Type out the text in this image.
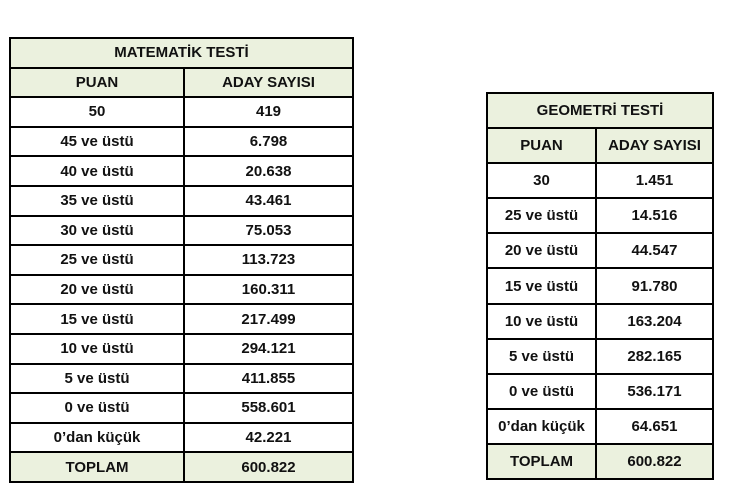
MATEMATİK TESTİ	
PUAN	ADAY SAYISI
50	419
45 ve üstü	6.798
40 ve üstü	20.638
35 ve üstü	43.461
30 ve üstü	75.053
25 ve üstü	113.723
20 ve üstü	160.311
15 ve üstü	217.499
10 ve üstü	294.121
5 ve üstü	411.855
0 ve üstü	558.601
0’dan küçük	42.221
TOPLAM	600.822
GEOMETRİ TESTİ	
PUAN	ADAY SAYISI
30	1.451
25 ve üstü	14.516
20 ve üstü	44.547
15 ve üstü	91.780
10 ve üstü	163.204
5 ve üstü	282.165
0 ve üstü	536.171
0’dan küçük	64.651
TOPLAM	600.822
